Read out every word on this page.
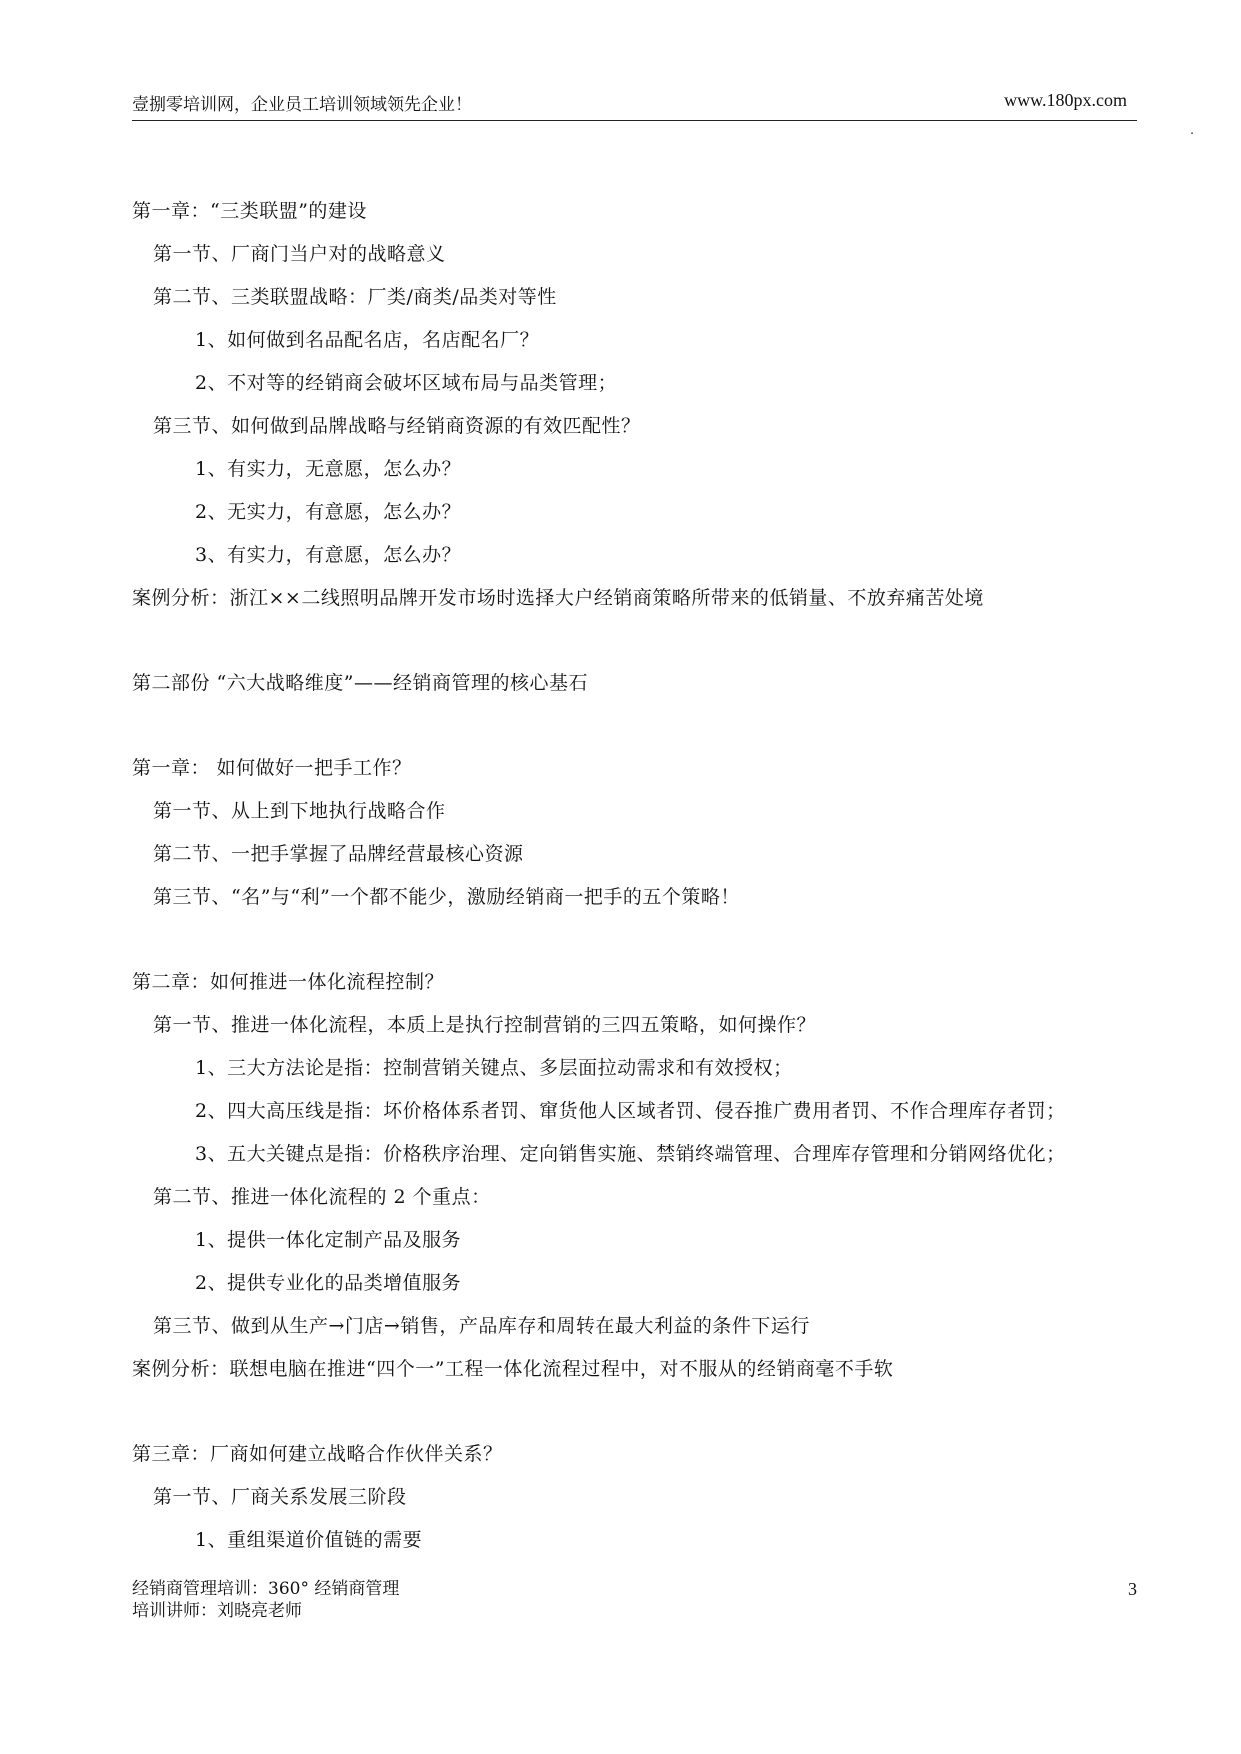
壹捌零培训网，企业员工培训领域领先企业！	www.180px.com
.
第一章：“三类联盟”的建设
第一节、厂商门当户对的战略意义
第二节、三类联盟战略：厂类/商类/品类对等性
1、如何做到名品配名店，名店配名厂？
2、不对等的经销商会破坏区域布局与品类管理；
第三节、如何做到品牌战略与经销商资源的有效匹配性？
1、有实力，无意愿，怎么办？
2、无实力，有意愿，怎么办？
3、有实力，有意愿，怎么办？
案例分析：浙江××二线照明品牌开发市场时选择大户经销商策略所带来的低销量、不放弃痛苦处境
第二部份 “六大战略维度”——经销商管理的核心基石
第一章： 如何做好一把手工作？
第一节、从上到下地执行战略合作
第二节、一把手掌握了品牌经营最核心资源
第三节、“名”与“利”一个都不能少，激励经销商一把手的五个策略！
第二章：如何推进一体化流程控制？
第一节、推进一体化流程，本质上是执行控制营销的三四五策略，如何操作？
1、三大方法论是指：控制营销关键点、多层面拉动需求和有效授权；
2、四大高压线是指：坏价格体系者罚、窜货他人区域者罚、侵吞推广费用者罚、不作合理库存者罚；
3、五大关键点是指：价格秩序治理、定向销售实施、禁销终端管理、合理库存管理和分销网络优化；
第二节、推进一体化流程的 2 个重点：
1、提供一体化定制产品及服务
2、提供专业化的品类增值服务
第三节、做到从生产→门店→销售，产品库存和周转在最大利益的条件下运行
案例分析：联想电脑在推进“四个一”工程一体化流程过程中，对不服从的经销商毫不手软
第三章：厂商如何建立战略合作伙伴关系？
第一节、厂商关系发展三阶段
1、重组渠道价值链的需要
经销商管理培训：360° 经销商管理
培训讲师：刘晓亮老师
3
